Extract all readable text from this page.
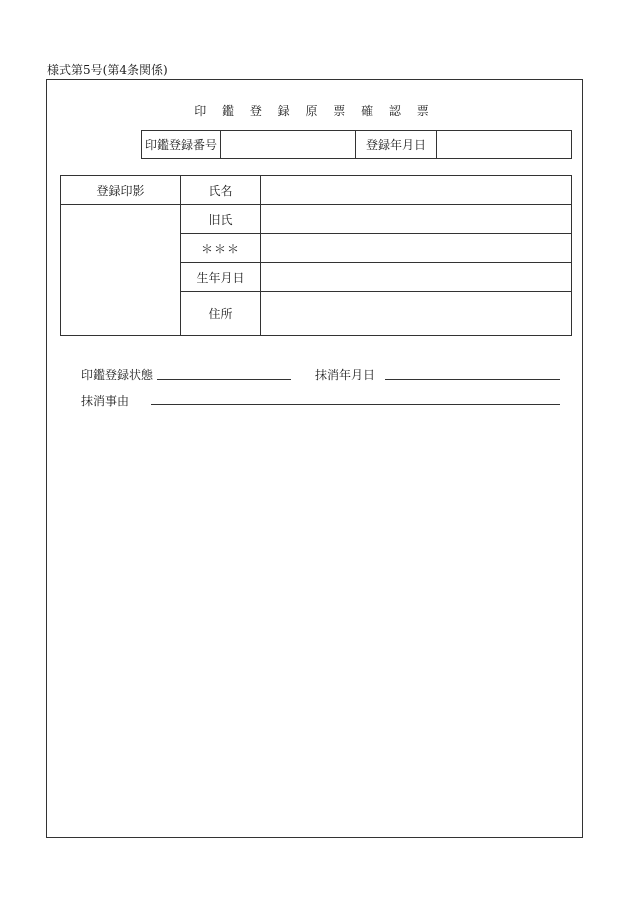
様式第5号(第4条関係)
印 鑑 登 録 原 票 確 認 票
印鑑登録番号		登録年月日	
登録印影	氏名	
	旧氏	
	＊＊＊	
	生年月日	
	住所	
印鑑登録状態	抹消年月日
抹消事由
